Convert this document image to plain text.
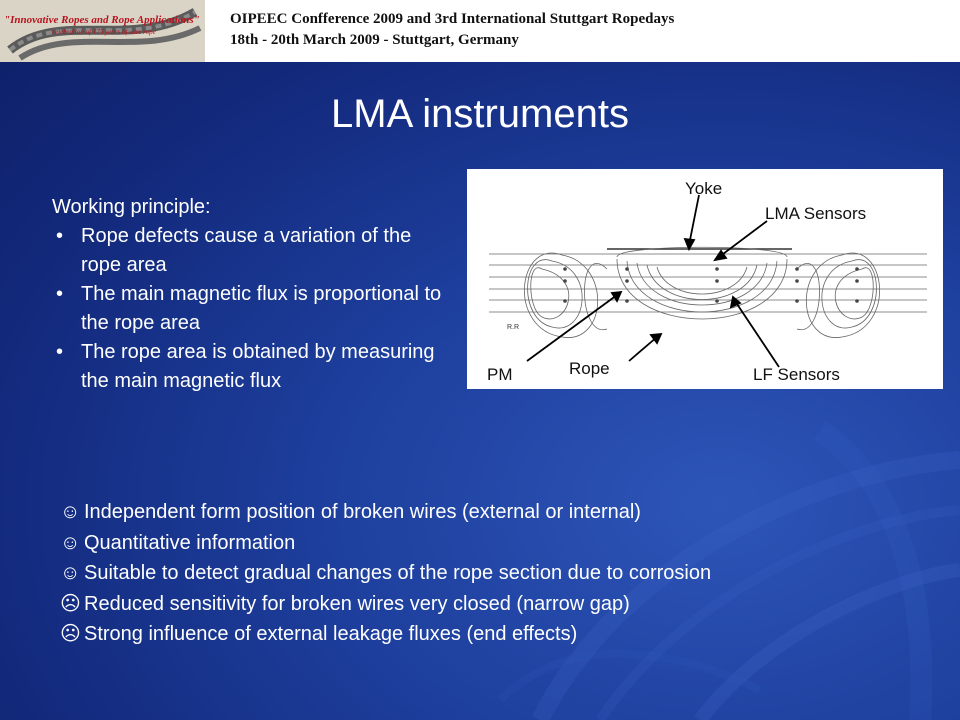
"Innovative Ropes and Rope Applications"
celebration of 175 years of wire rope
OIPEEC Confference 2009 and 3rd International Stuttgart Ropedays
18th - 20th March 2009 - Stuttgart, Germany
LMA instruments
Working principle:
• Rope defects cause a variation of the rope area
• The main magnetic flux is proportional to the rope area
• The rope area is obtained by measuring the main magnetic flux
R.R
Yoke
LMA Sensors
PM	Rope	LF Sensors
☺ Independent form position of broken wires (external or internal)
☺ Quantitative information
☺ Suitable to detect gradual changes of the rope section due to corrosion
☹ Reduced sensitivity for broken wires very closed (narrow gap)
☹ Strong influence of external leakage fluxes (end effects)
